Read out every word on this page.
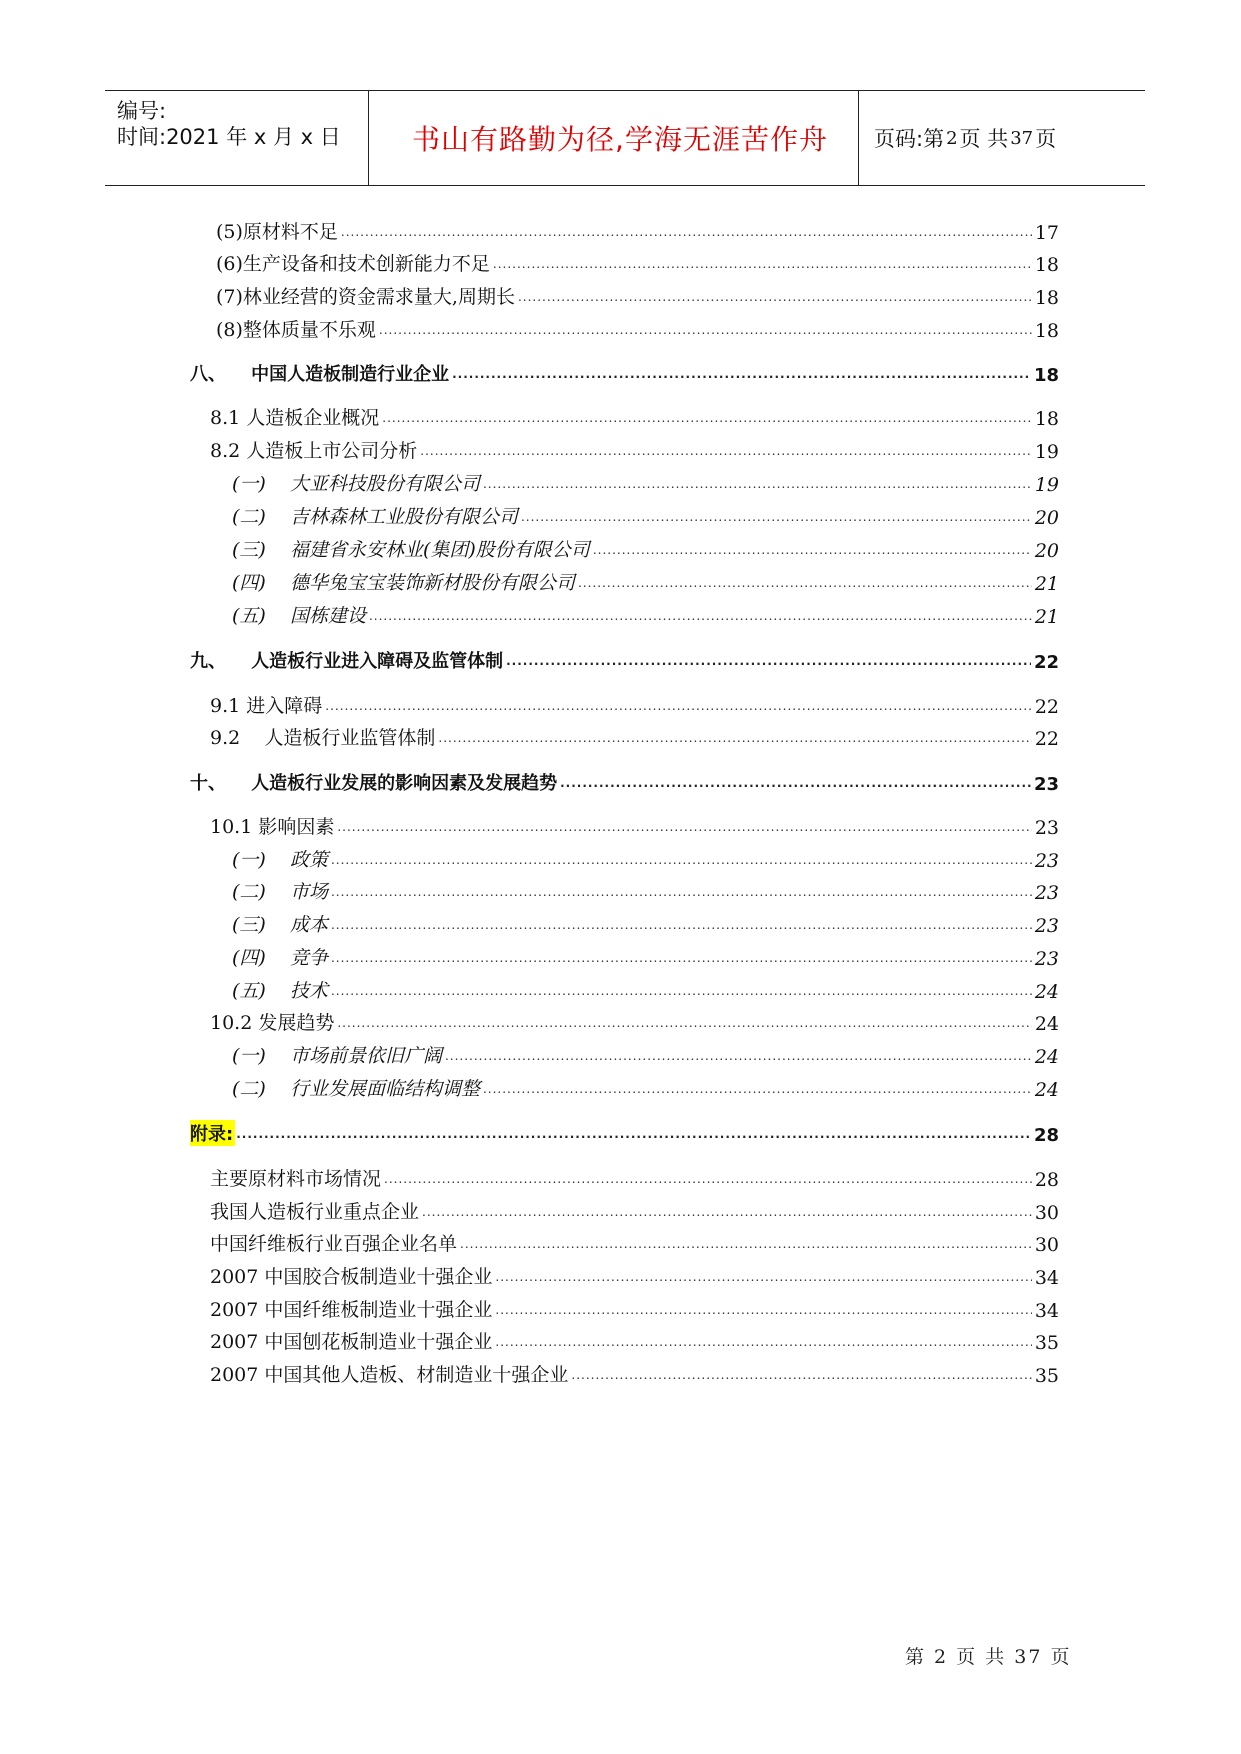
编号:
时间:2021 年 x 月 x 日	书山有路勤为径,学海无涯苦作舟	页码:第 2 页 共 37 页
(5)原材料不足 .....	17
(6)生产设备和技术创新能力不足 .....	18
(7)林业经营的资金需求量大,周期长 .....	18
(8)整体质量不乐观 .....	18
八、    中国人造板制造行业企业 .....	18
8.1 人造板企业概况 .....	18
8.2 人造板上市公司分析 .....	19
(一)    大亚科技股份有限公司 .....	19
(二)    吉林森林工业股份有限公司 .....	20
(三)    福建省永安林业(集团)股份有限公司 .....	20
(四)    德华兔宝宝装饰新材股份有限公司 .....	21
(五)    国栋建设 .....	21
九、    人造板行业进入障碍及监管体制 .....	22
9.1 进入障碍 .....	22
9.2    人造板行业监管体制 .....	22
十、    人造板行业发展的影响因素及发展趋势 .....	23
10.1 影响因素 .....	23
(一)    政策 .....	23
(二)    市场 .....	23
(三)    成本 .....	23
(四)    竞争 .....	23
(五)    技术 .....	24
10.2 发展趋势 .....	24
(一)    市场前景依旧广阔 .....	24
(二)    行业发展面临结构调整 .....	24
附录: .....	28
主要原材料市场情况 .....	28
我国人造板行业重点企业 .....	30
中国纤维板行业百强企业名单 .....	30
2007 中国胶合板制造业十强企业 .....	34
2007 中国纤维板制造业十强企业 .....	34
2007 中国刨花板制造业十强企业 .....	35
2007 中国其他人造板、材制造业十强企业 .....	35
第 2 页 共 37 页
